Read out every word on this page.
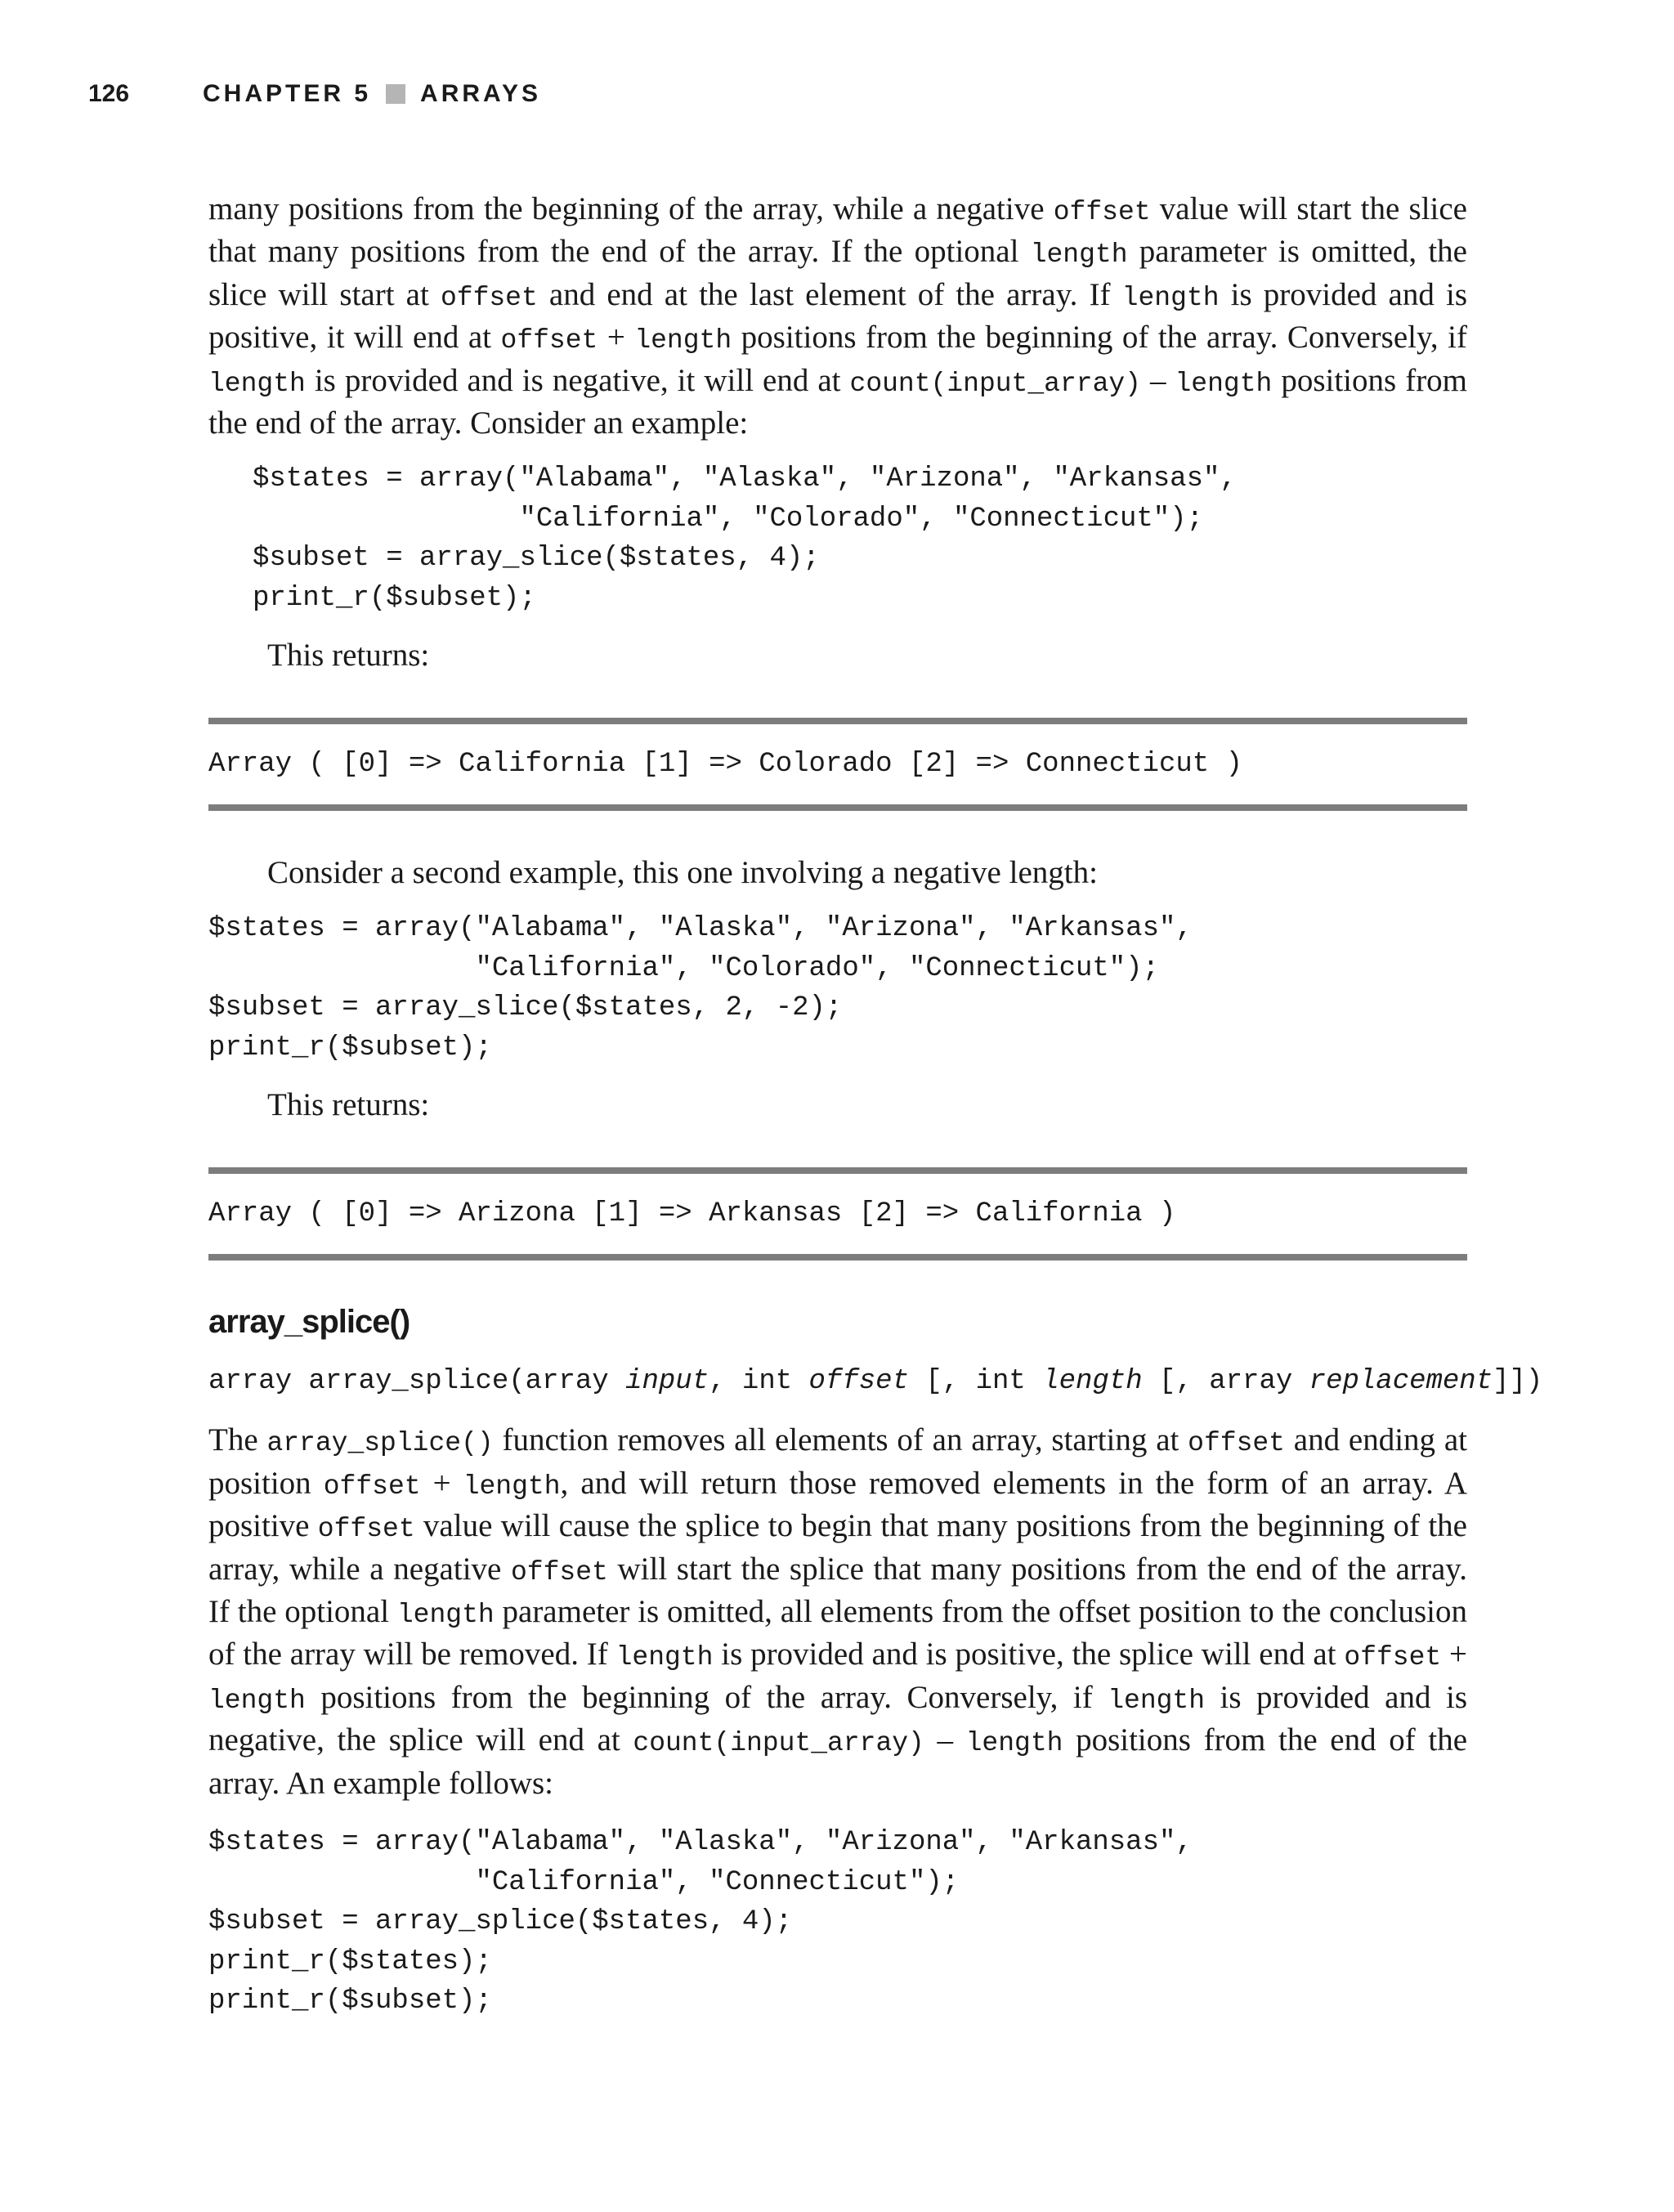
126	CHAPTER 5 ARRAYS

many positions from the beginning of the array, while a negative offset value will start the slice that many positions from the end of the array. If the optional length parameter is omitted, the slice will start at offset and end at the last element of the array. If length is provided and is positive, it will end at offset + length positions from the beginning of the array. Conversely, if length is provided and is negative, it will end at count(input_array) – length positions from the end of the array. Consider an example:

$states = array("Alabama", "Alaska", "Arizona", "Arkansas",
"California", "Colorado", "Connecticut");
$subset = array_slice($states, 4);
print_r($subset);

This returns:

Array ( [0] => California [1] => Colorado [2] => Connecticut )

Consider a second example, this one involving a negative length:

$states = array("Alabama", "Alaska", "Arizona", "Arkansas",
"California", "Colorado", "Connecticut");
$subset = array_slice($states, 2, -2);
print_r($subset);

This returns:

Array ( [0] => Arizona [1] => Arkansas [2] => California )
array_splice()
array array_splice(array input, int offset [, int length [, array replacement]])

The array_splice() function removes all elements of an array, starting at offset and ending at position offset + length, and will return those removed elements in the form of an array. A positive offset value will cause the splice to begin that many positions from the beginning of the array, while a negative offset will start the splice that many positions from the end of the array. If the optional length parameter is omitted, all elements from the offset position to the conclusion of the array will be removed. If length is provided and is positive, the splice will end at offset + length positions from the beginning of the array. Conversely, if length is provided and is negative, the splice will end at count(input_array) – length positions from the end of the array. An example follows:

$states = array("Alabama", "Alaska", "Arizona", "Arkansas",
"California", "Connecticut");
$subset = array_splice($states, 4);
print_r($states);
print_r($subset);
